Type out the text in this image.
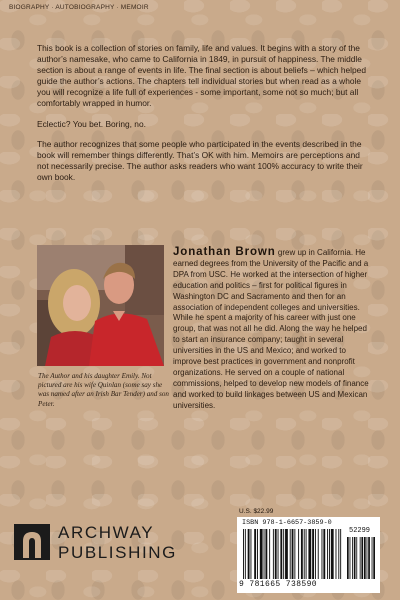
BIOGRAPHY · AUTOBIOGRAPHY · MEMOIR

This book is a collection of stories on family, life and values. It begins with a story of the author’s namesake, who came to California in 1849, in pursuit of happiness. The middle section is about a range of events in life. The final section is about beliefs – which helped guide the author’s actions. The chapters tell individual stories but when read as a whole you will recognize a life full of experiences - some important, some not so much; but all comfortably wrapped in humor.

Eclectic? You bet. Boring, no.

The author recognizes that some people who participated in the events described in the book will remember things differently. That’s OK with him. Memoirs are perceptions and not necessarily precise. The author asks readers who want 100% accuracy to write their own book.

The Author and his daughter Emily. Not pictured are his wife Quinlan (some say she was named after an Irish Bar Tender) and son Peter.
Jonathan Brown grew up in California. He earned degrees from the University of the Pacific and a DPA from USC. He worked at the intersection of higher education and politics – first for political figures in Washington DC and Sacramento and then for an association of independent colleges and universities. While he spent a majority of his career with just one group, that was not all he did. Along the way he helped to start an insurance company; taught in several universities in the US and Mexico; and worked to improve best practices in government and nonprofit organizations. He served on a couple of national commissions, helped to develop new models of finance and worked to build linkages between US and Mexican universities.
ARCHWAY
PUBLISHING
U.S. $22.99
ISBN 978-1-6657-3859-0
52299
9 781665 738590
